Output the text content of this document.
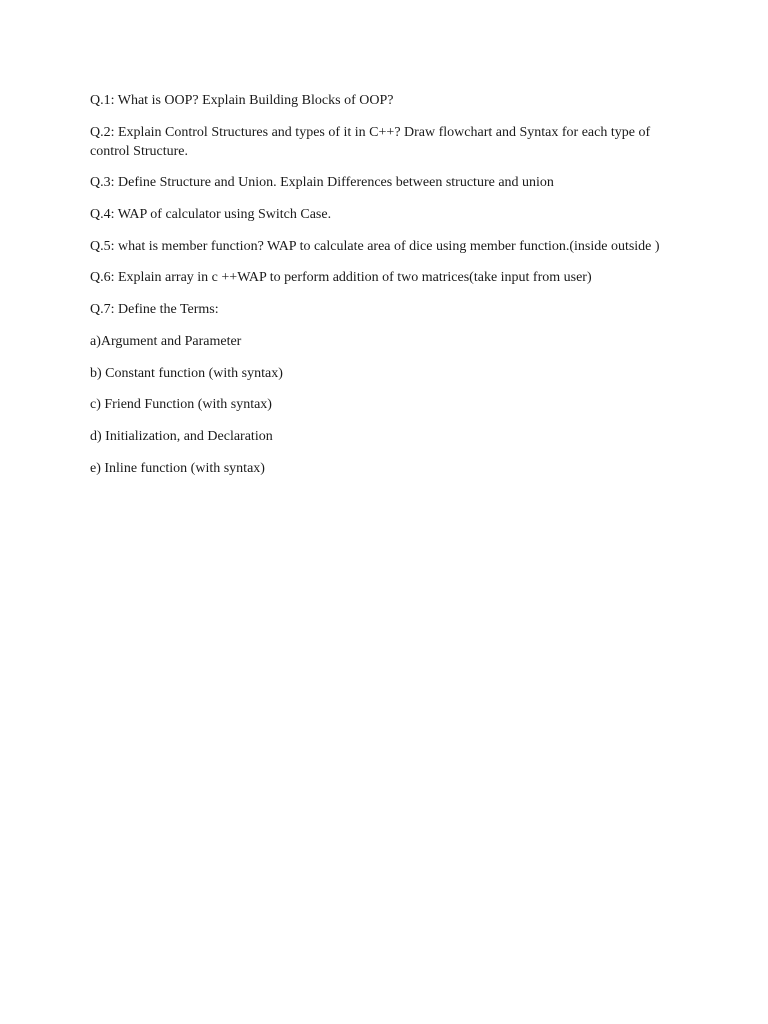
Q.1: What is OOP? Explain Building Blocks of OOP?

Q.2: Explain Control Structures and types of it in C++? Draw flowchart and Syntax for each type of control Structure.

Q.3: Define Structure and Union. Explain Differences between structure and union

Q.4: WAP of calculator using Switch Case.

Q.5: what is member function? WAP to calculate area of dice using member function.(inside outside )

Q.6: Explain array in c ++WAP to perform addition of two matrices(take input from user)

Q.7: Define the Terms:

a)Argument and Parameter

b) Constant function (with syntax)

c) Friend Function (with syntax)

d) Initialization, and Declaration

e) Inline function (with syntax)
